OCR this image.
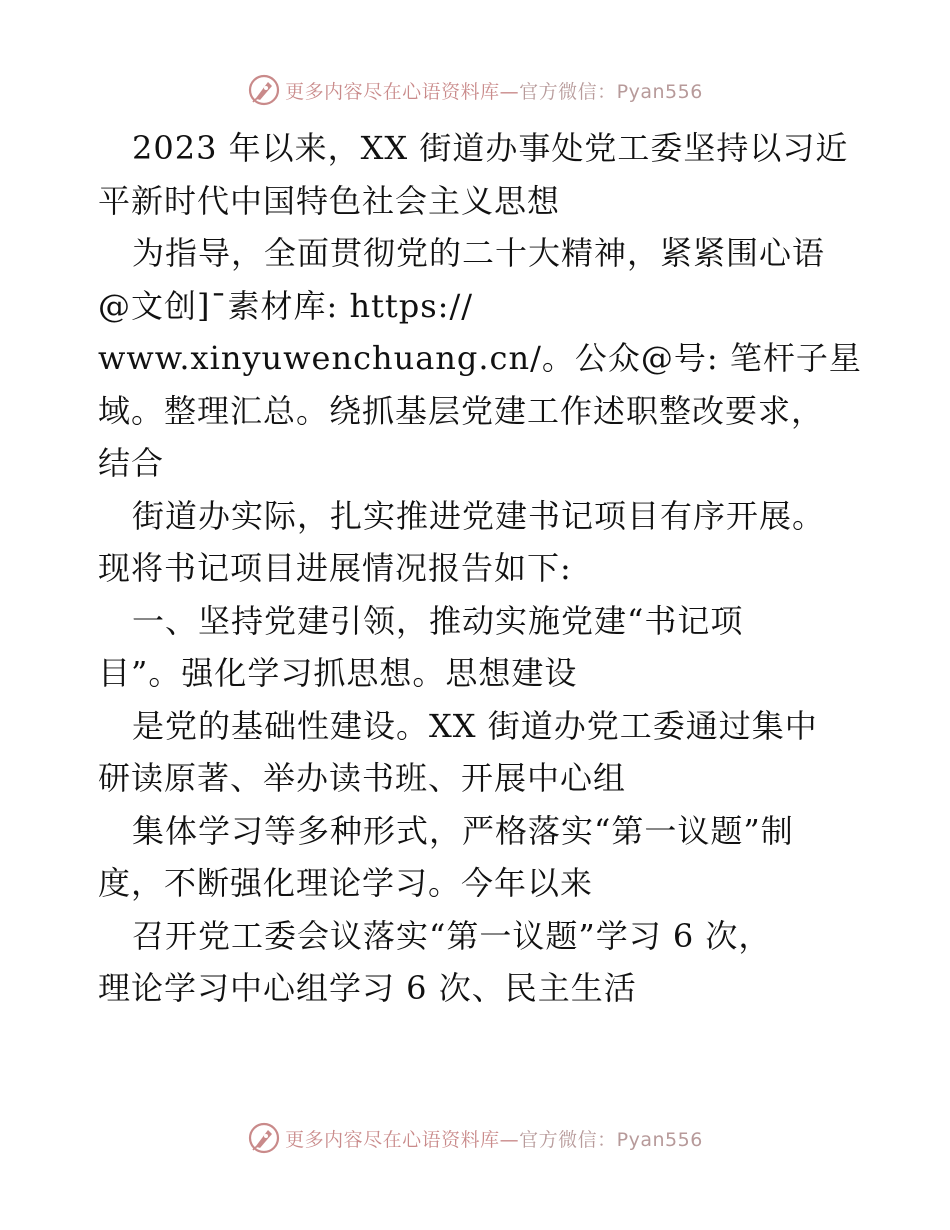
更多内容尽在心语资料库—官方微信：Pyan556
2023 年以来，XX 街道办事处党工委坚持以习近
平新时代中国特色社会主义思想
为指导，全面贯彻党的二十大精神，紧紧围心语
@文创]¯素材库: https://
www.xinyuwenchuang.cn/。公众@号: 笔杆子星
域。整理汇总。绕抓基层党建工作述职整改要求，
结合
街道办实际，扎实推进党建书记项目有序开展。
现将书记项目进展情况报告如下:
一、坚持党建引领，推动实施党建“书记项
目”。强化学习抓思想。思想建设
是党的基础性建设。XX 街道办党工委通过集中
研读原著、举办读书班、开展中心组
集体学习等多种形式，严格落实“第一议题”制
度，不断强化理论学习。今年以来
召开党工委会议落实“第一议题”学习 6 次，
理论学习中心组学习 6 次、民主生活
更多内容尽在心语资料库—官方微信：Pyan556
